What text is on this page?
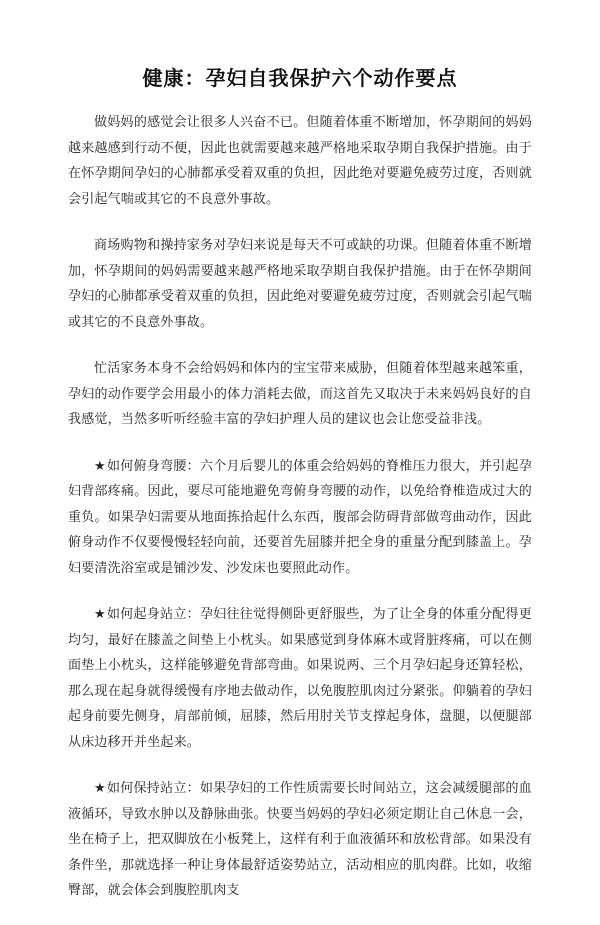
健康：孕妇自我保护六个动作要点

做妈妈的感觉会让很多人兴奋不已。但随着体重不断增加，怀孕期间的妈妈越来越感到行动不便，因此也就需要越来越严格地采取孕期自我保护措施。由于在怀孕期间孕妇的心肺都承受着双重的负担，因此绝对要避免疲劳过度，否则就会引起气喘或其它的不良意外事故。

商场购物和操持家务对孕妇来说是每天不可或缺的功课。但随着体重不断增加，怀孕期间的妈妈需要越来越严格地采取孕期自我保护措施。由于在怀孕期间孕妇的心肺都承受着双重的负担，因此绝对要避免疲劳过度，否则就会引起气喘或其它的不良意外事故。

忙活家务本身不会给妈妈和体内的宝宝带来威胁，但随着体型越来越笨重，孕妇的动作要学会用最小的体力消耗去做，而这首先又取决于未来妈妈良好的自我感觉，当然多听听经验丰富的孕妇护理人员的建议也会让您受益非浅。

★如何俯身弯腰：六个月后婴儿的体重会给妈妈的脊椎压力很大，并引起孕妇背部疼痛。因此，要尽可能地避免弯俯身弯腰的动作，以免给脊椎造成过大的重负。如果孕妇需要从地面拣拾起什么东西，腹部会防碍背部做弯曲动作，因此俯身动作不仅要慢慢轻轻向前，还要首先屈膝并把全身的重量分配到膝盖上。孕妇要清洗浴室或是铺沙发、沙发床也要照此动作。

★如何起身站立：孕妇往往觉得侧卧更舒服些，为了让全身的体重分配得更均匀，最好在膝盖之间垫上小枕头。如果感觉到身体麻木或肾脏疼痛，可以在侧面垫上小枕头，这样能够避免背部弯曲。如果说两、三个月孕妇起身还算轻松，那么现在起身就得缓慢有序地去做动作，以免腹腔肌肉过分紧张。仰躺着的孕妇起身前要先侧身，肩部前倾，屈膝，然后用肘关节支撑起身体，盘腿，以便腿部从床边移开并坐起来。

★如何保持站立：如果孕妇的工作性质需要长时间站立，这会减缓腿部的血液循环，导致水肿以及静脉曲张。快要当妈妈的孕妇必须定期让自己休息一会，坐在椅子上，把双脚放在小板凳上，这样有利于血液循环和放松背部。如果没有条件坐，那就选择一种让身体最舒适姿势站立，活动相应的肌肉群。比如，收缩臀部，就会体会到腹腔肌肉支
